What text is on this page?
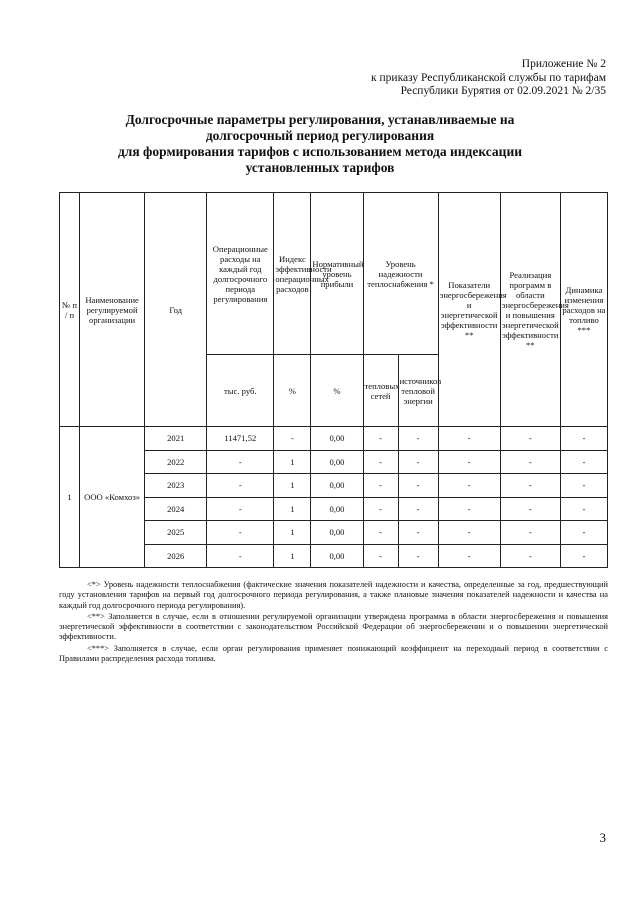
Приложение № 2
к приказу Республиканской службы по тарифам
Республики Бурятия от 02.09.2021 № 2/35
Долгосрочные параметры регулирования, устанавливаемые на
долгосрочный период регулирования
для формирования тарифов с использованием метода индексации
установленных тарифов
№ п / п	Наименование регулируемой организации	Год	Операционные расходы на каждый год долгосрочного периода регулирования	Индекс эффективности операционных расходов	Нормативный уровень прибыли	Уровень надежности теплоснабжения *		Показатели энергосбережения и энергетической эффективности **	Реализация программ в области энергосбережения и повышения энергетической эффективности **	Динамика изменения расходов на топливо ***
			тыс. руб.	%	%	тепловых сетей	источников тепловой энергии			
1	ООО «Комхоз»	2021	11471,52	-	0,00	-	-	-	-	-
		2022	-	1	0,00	-	-	-	-	-
		2023	-	1	0,00	-	-	-	-	-
		2024	-	1	0,00	-	-	-	-	-
		2025	-	1	0,00	-	-	-	-	-
		2026	-	1	0,00	-	-	-	-	-

<*> Уровень надежности теплоснабжения (фактические значения показателей надежности и качества, определенные за год, предшествующий году установления тарифов на первый год долгосрочного периода регулирования, а также плановые значения показателей надежности и качества на каждый год долгосрочного периода регулирования).

<**> Заполняется в случае, если в отношении регулируемой организации утверждена программа в области энергосбережения и повышения энергетической эффективности в соответствии с законодательством Российской Федерации об энергосбережении и о повышении энергетической эффективности.

<***> Заполняется в случае, если орган регулирования применяет понижающий коэффициент на переходный период в соответствии с Правилами распределения расхода топлива.

3
